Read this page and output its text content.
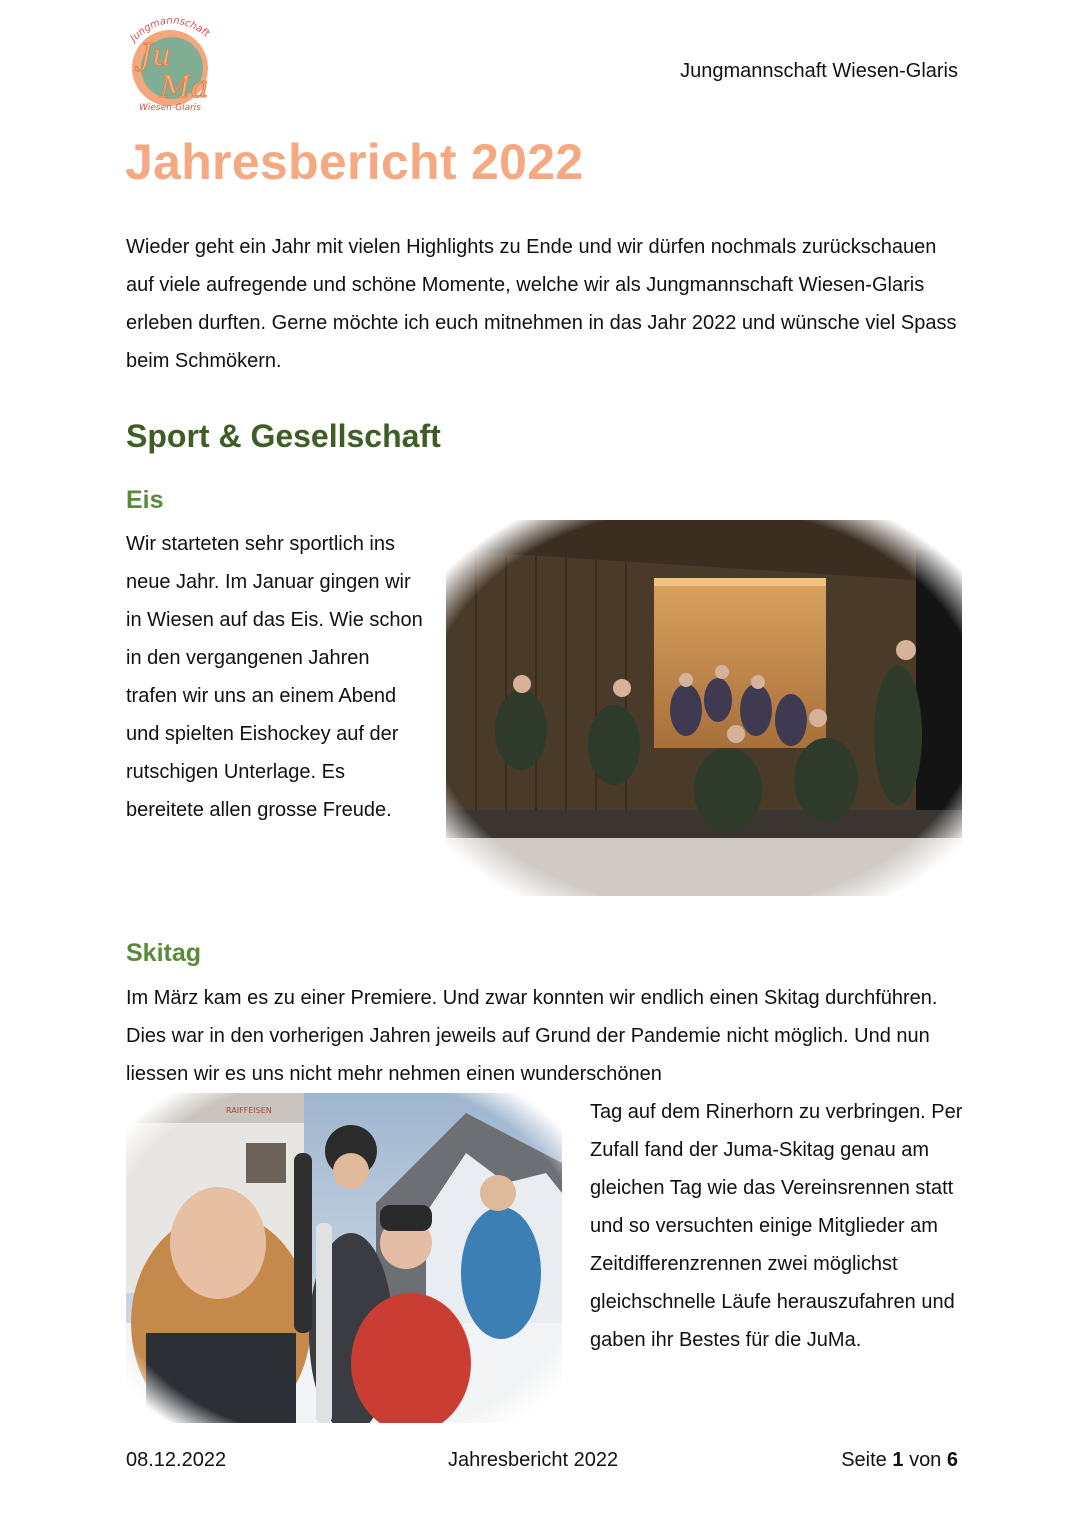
Jungmannschaft
Ju
Ma
Wiesen-Glaris
Jungmannschaft Wiesen-Glaris
Jahresbericht 2022

Wieder geht ein Jahr mit vielen Highlights zu Ende und wir dürfen nochmals zurückschauen auf viele aufregende und schöne Momente, welche wir als Jungmannschaft Wiesen-Glaris erleben durften. Gerne möchte ich euch mitnehmen in das Jahr 2022 und wünsche viel Spass beim Schmökern.

Sport & Gesellschaft
Eis

Wir starteten sehr sportlich ins neue Jahr. Im Januar gingen wir in Wiesen auf das Eis. Wie schon in den vergangenen Jahren trafen wir uns an einem Abend und spielten Eishockey auf der rutschigen Unterlage. Es bereitete allen grosse Freude.

Skitag

Im März kam es zu einer Premiere. Und zwar konnten wir endlich einen Skitag durchführen. Dies war in den vorherigen Jahren jeweils auf Grund der Pandemie nicht möglich. Und nun liessen wir es uns nicht mehr nehmen einen wunderschönen

Tag auf dem Rinerhorn zu verbringen. Per Zufall fand der Juma-Skitag genau am gleichen Tag wie das Vereinsrennen statt und so versuchten einige Mitglieder am Zeitdifferenzrennen zwei möglichst gleichschnelle Läufe herauszufahren und gaben ihr Bestes für die JuMa.

08.12.2022	Jahresbericht 2022	Seite 1 von 6
